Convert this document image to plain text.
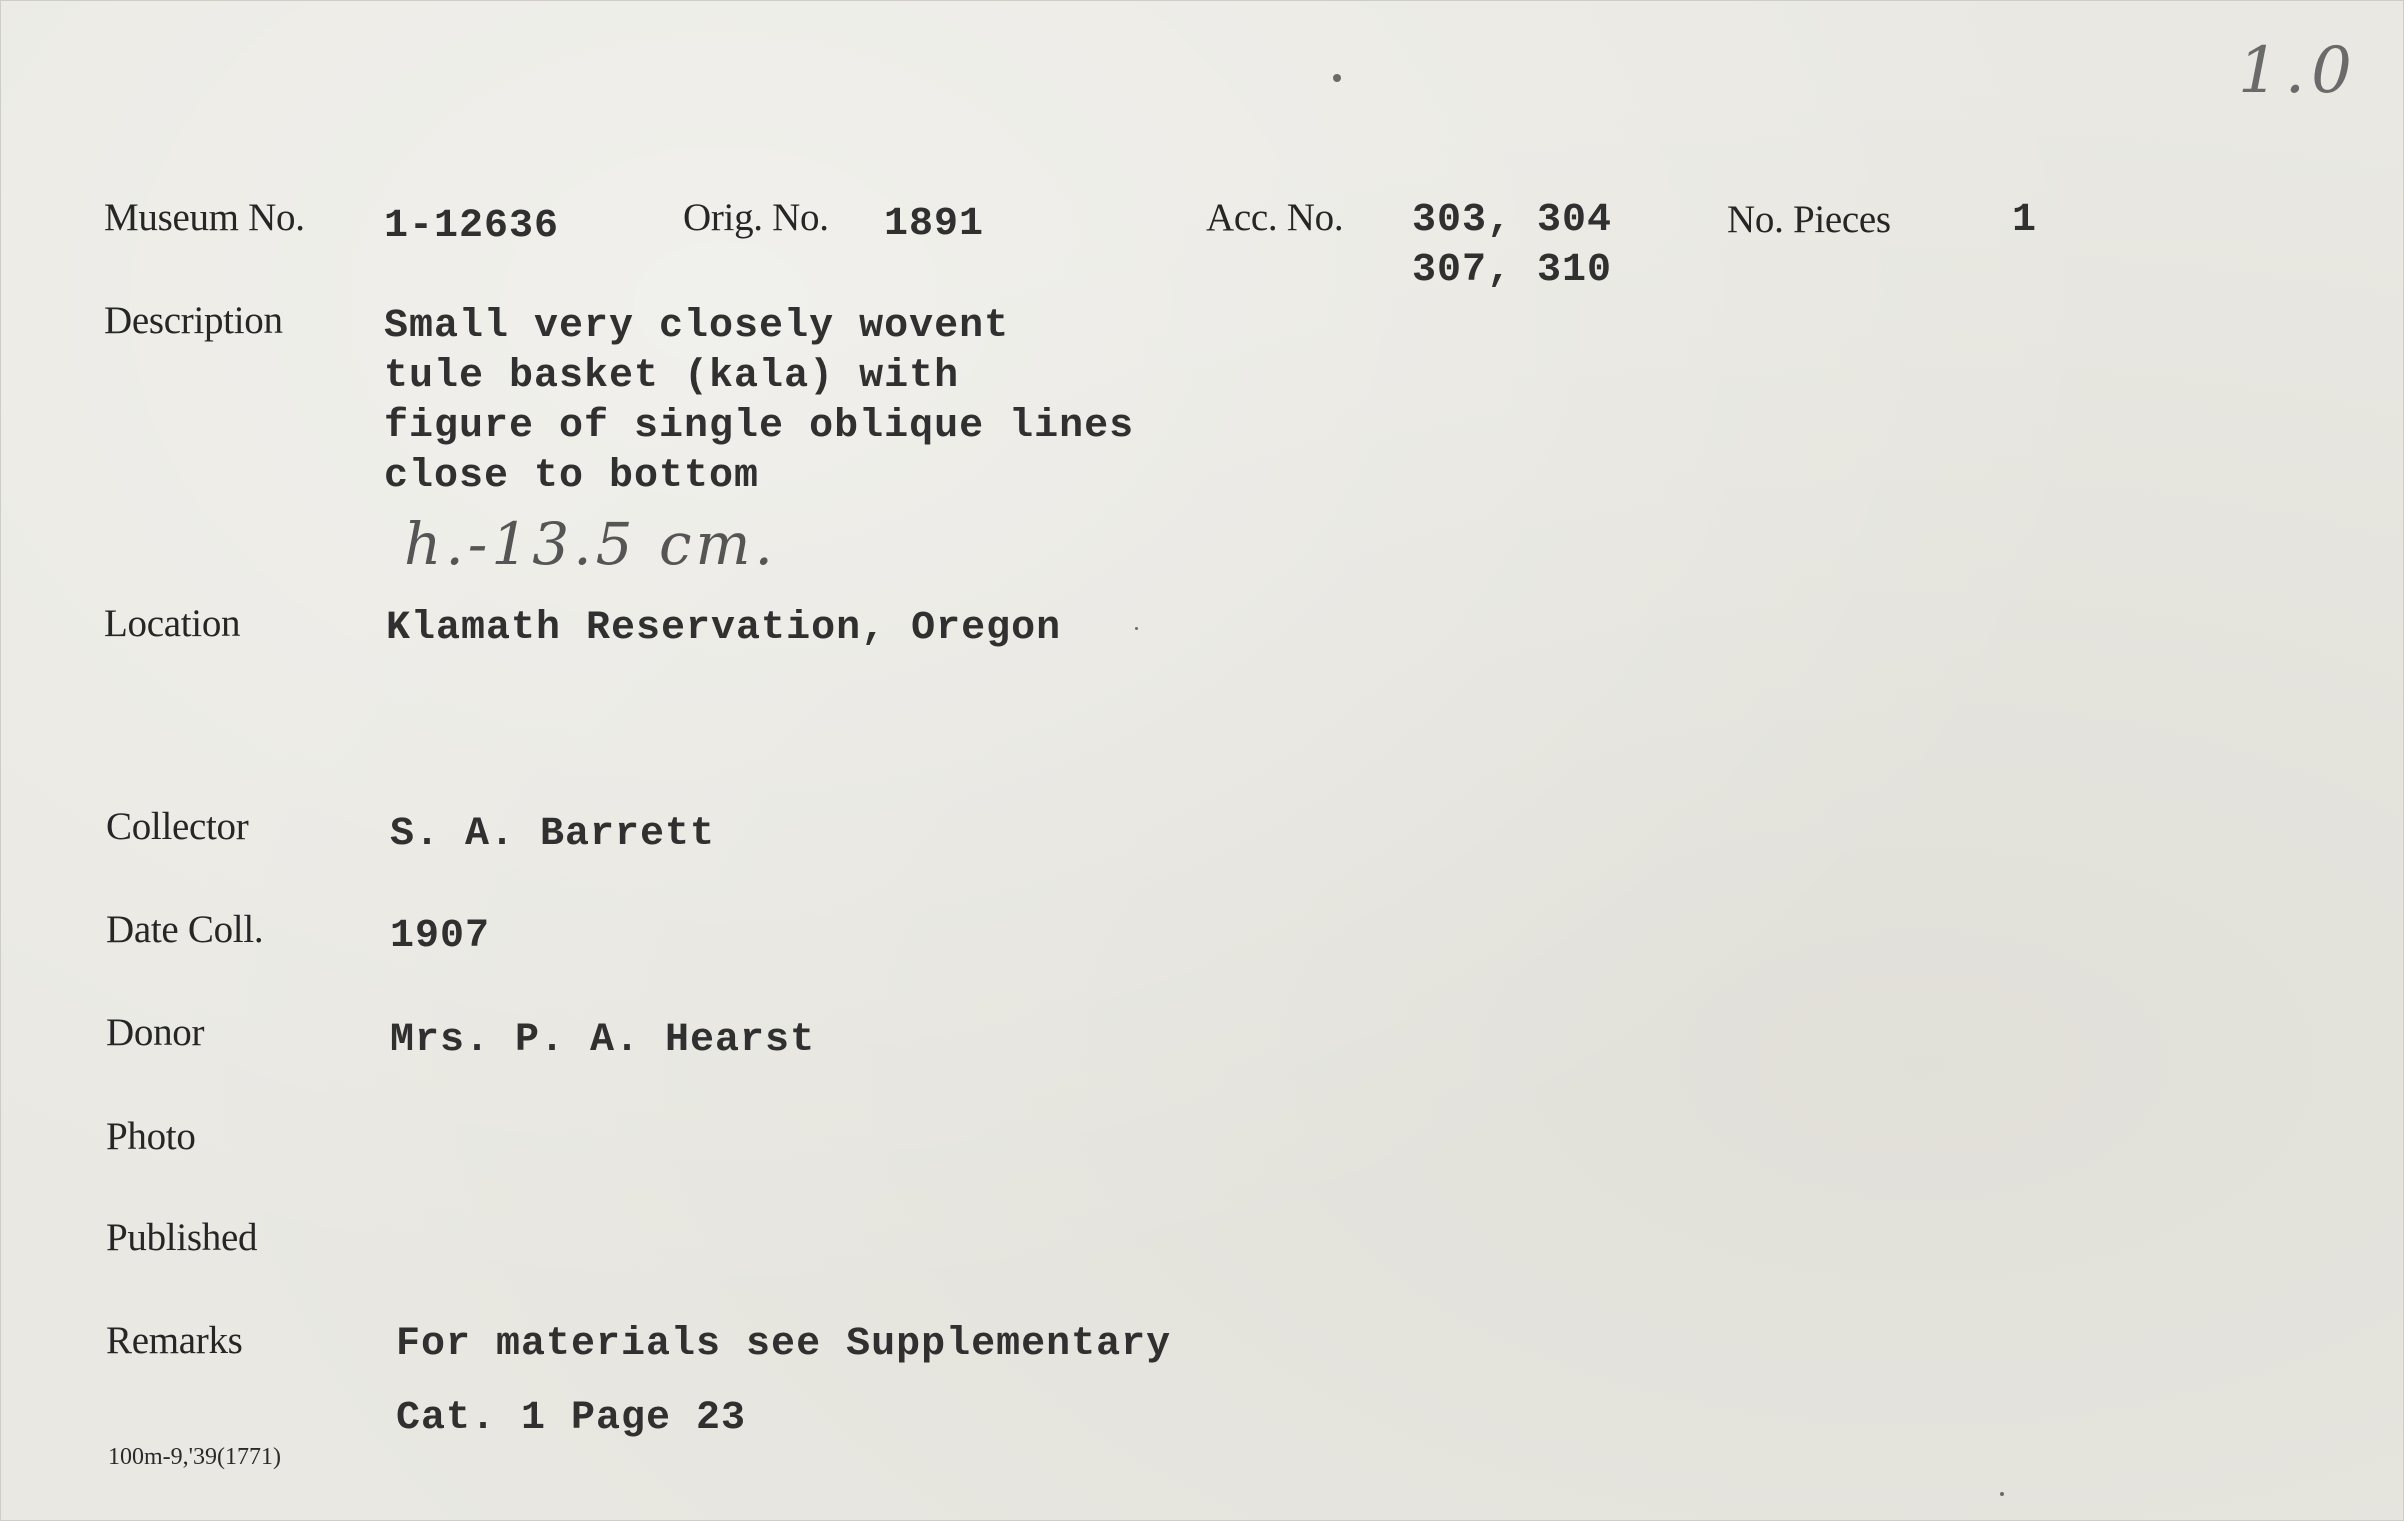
1.0
Museum No. 1-12636	Orig. No. 1891	Acc. No. 303, 304
307, 310
No. Pieces	1
Description	Small very closely wovent
tule basket (kala) with
figure of single oblique lines
close to bottom
h.-13.5 cm.
Location	Klamath Reservation, Oregon
Collector	S. A. Barrett
Date Coll.	1907
Donor	Mrs. P. A. Hearst
Photo
Published
Remarks	For materials see Supplementary
Cat. 1 Page 23
100m-9,'39(1771)
